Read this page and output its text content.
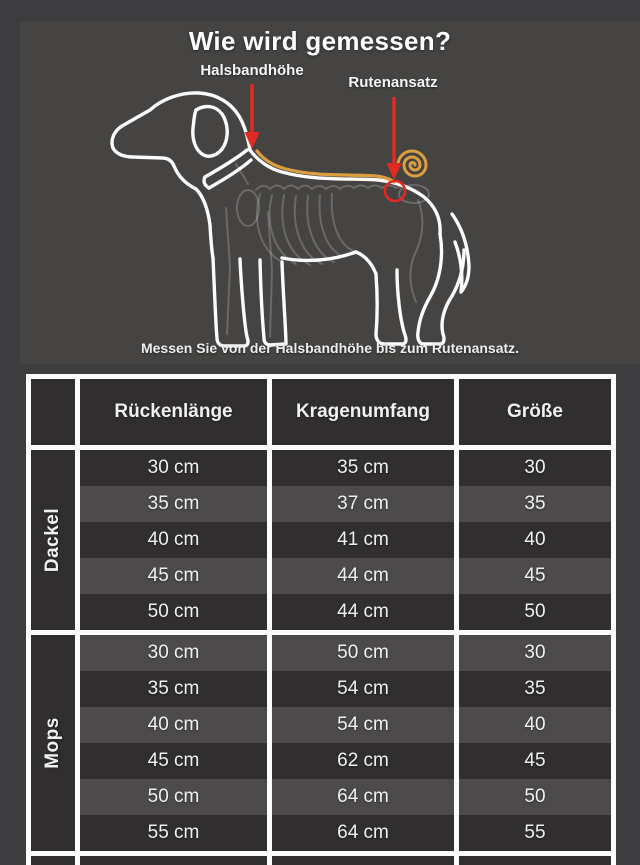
Wie wird gemessen?
Halsbandhöhe
Rutenansatz
Messen Sie von der Halsbandhöhe bis zum Rutenansatz.
Rückenlänge	Kragenumfang	Größe
Dackel
30 cm
35 cm
40 cm
45 cm
50 cm
35 cm
37 cm
41 cm
44 cm
44 cm
30
35
40
45
50
Mops
30 cm
35 cm
40 cm
45 cm
50 cm
55 cm
50 cm
54 cm
54 cm
62 cm
64 cm
64 cm
30
35
40
45
50
55
